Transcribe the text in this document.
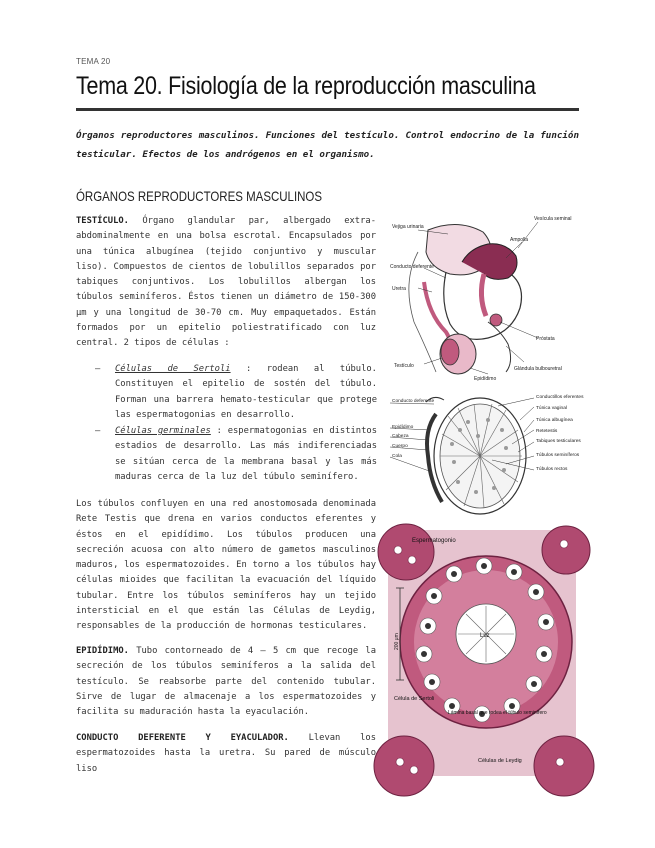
TEMA 20
Tema 20. Fisiología de la reproducción masculina
Órganos reproductores masculinos. Funciones del testículo. Control endocrino de la función testicular. Efectos de los andrógenos en el organismo.
ÓRGANOS REPRODUCTORES MASCULINOS
TESTÍCULO. Órgano glandular par, albergado extra-abdominalmente en una bolsa escrotal. Encapsulados por una túnica albugínea (tejido conjuntivo y muscular liso). Compuestos de cientos de lobulillos separados por tabiques conjuntivos. Los lobulillos albergan los túbulos seminíferos. Éstos tienen un diámetro de 150-300 μm y una longitud de 30-70 cm. Muy empaquetados. Están formados por un epitelio poliestratificado con luz central. 2 tipos de células :
– Células de Sertoli : rodean al túbulo. Constituyen el epitelio de sostén del túbulo. Forman una barrera hemato-testicular que protege las espermatogonias en desarrollo.
– Células germinales : espermatogonias en distintos estadios de desarrollo. Las más indiferenciadas se sitúan cerca de la membrana basal y las más maduras cerca de la luz del túbulo seminífero.
Los túbulos confluyen en una red anostomosada denominada Rete Testis que drena en varios conductos eferentes y éstos en el epidídimo. Los túbulos producen una secreción acuosa con alto número de gametos masculinos maduros, los espermatozoides. En torno a los túbulos hay células mioides que facilitan la evacuación del líquido tubular. Entre los túbulos seminíferos hay un tejido intersticial en el que están las Células de Leydig, responsables de la producción de hormonas testiculares.
EPIDÍDIMO. Tubo contorneado de 4 – 5 cm que recoge la secreción de los túbulos seminíferos a la salida del testículo. Se reabsorbe parte del contenido tubular. Sirve de lugar de almacenaje a los espermatozoides y facilita su maduración hasta la eyaculación.
CONDUCTO DEFERENTE Y EYACULADOR. Llevan los espermatozoides hasta la uretra. Su pared de músculo liso
Vesícula seminal
Vejiga urinaria
Ampolla
Conducto deferente
Uretra
Próstata
Testículo	Glándula bulbouretral
Epidídimo
Conducto deferente
Conductillos eferentes
Túnica vaginal
Túnica albugínea
Epidídimo
Retetestis
Cabeza
Tabiques testiculares
Cuerpo
Túbulos seminíferos
Cola
Túbulos rectos
Espermatogonio
Luz
200 μm
Célula de Sertoli
Lámina basal que rodea el túbulo seminífero
Células de Leydig
